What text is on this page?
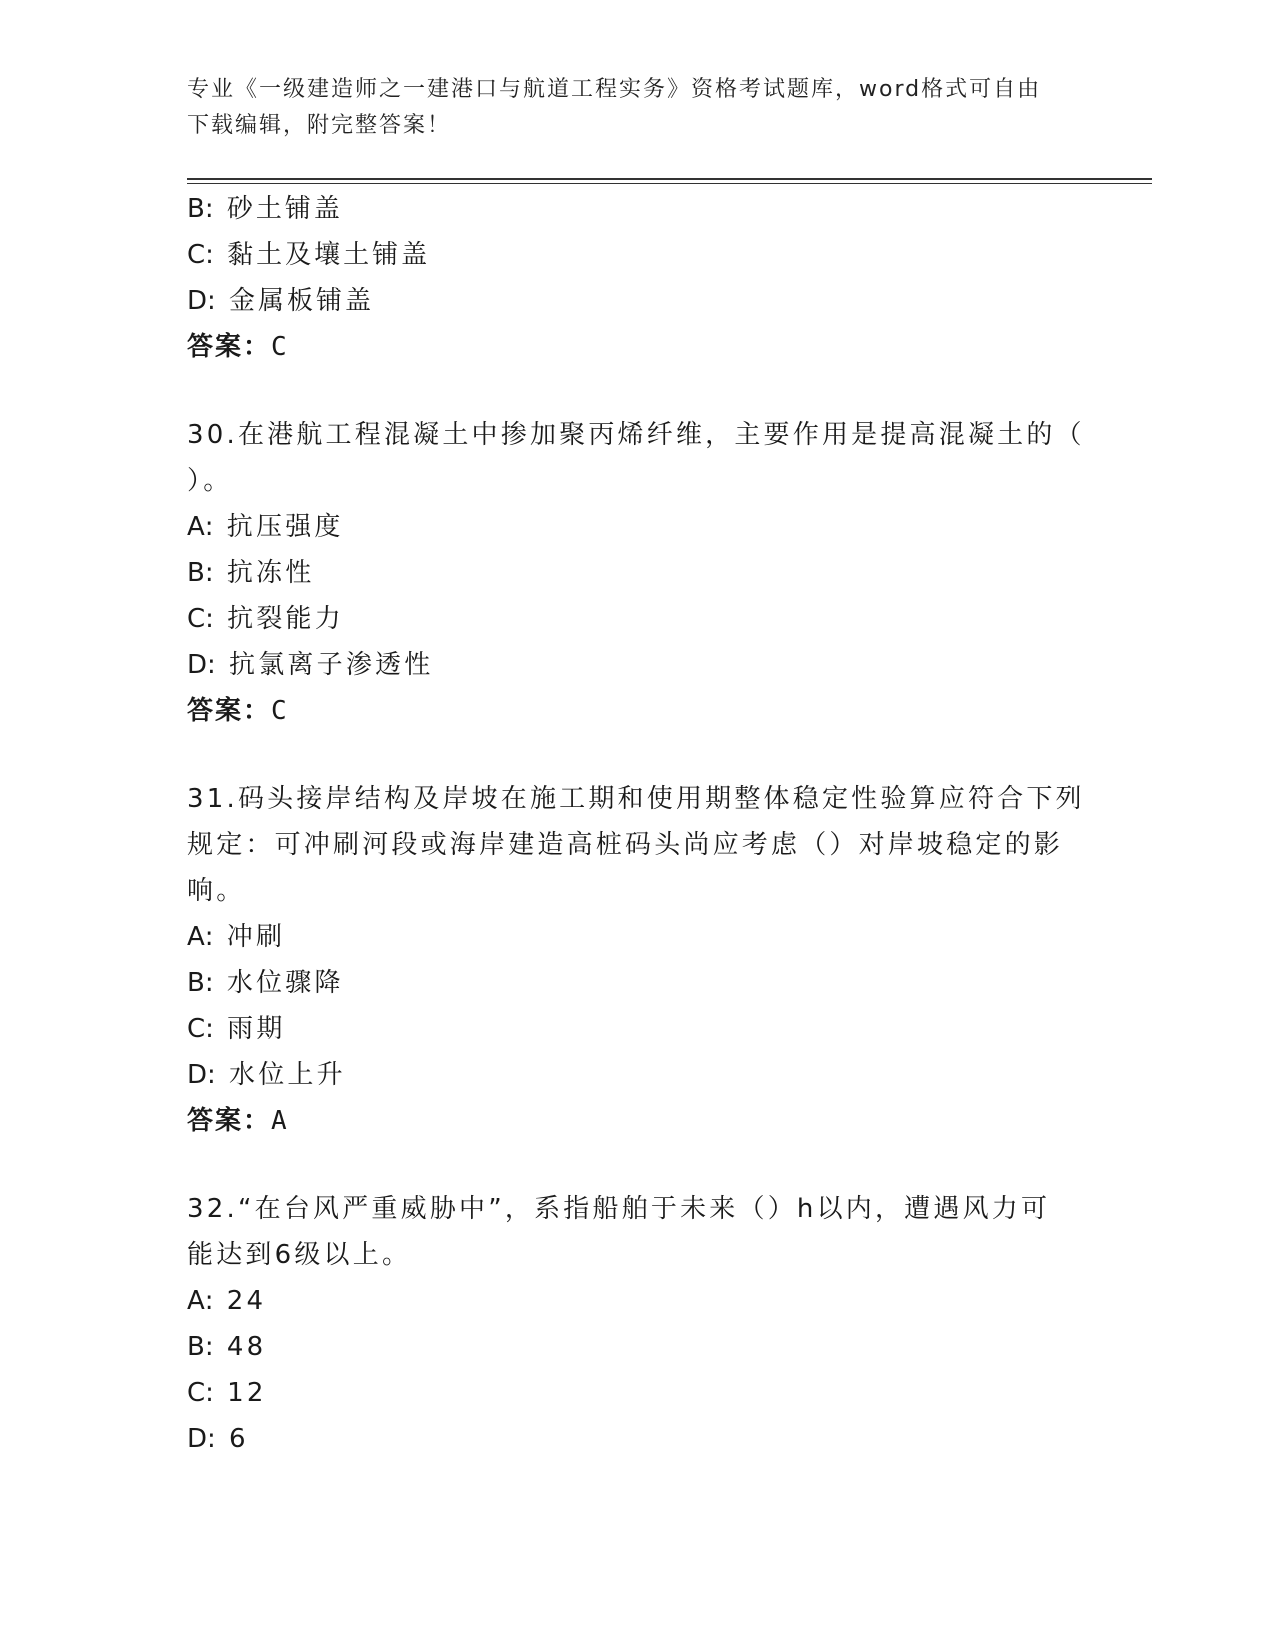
专业《一级建造师之一建港口与航道工程实务》资格考试题库，word格式可自由
下载编辑，附完整答案！
B: 砂土铺盖
C: 黏土及壤土铺盖
D: 金属板铺盖
答案：C
30.在港航工程混凝土中掺加聚丙烯纤维，主要作用是提高混凝土的（
）。
A: 抗压强度
B: 抗冻性
C: 抗裂能力
D: 抗氯离子渗透性
答案：C
31.码头接岸结构及岸坡在施工期和使用期整体稳定性验算应符合下列
规定：可冲刷河段或海岸建造高桩码头尚应考虑（）对岸坡稳定的影
响。
A: 冲刷
B: 水位骤降
C: 雨期
D: 水位上升
答案：A
32.“在台风严重威胁中”，系指船舶于未来（）h以内，遭遇风力可
能达到6级以上。
A: 24
B: 48
C: 12
D: 6
